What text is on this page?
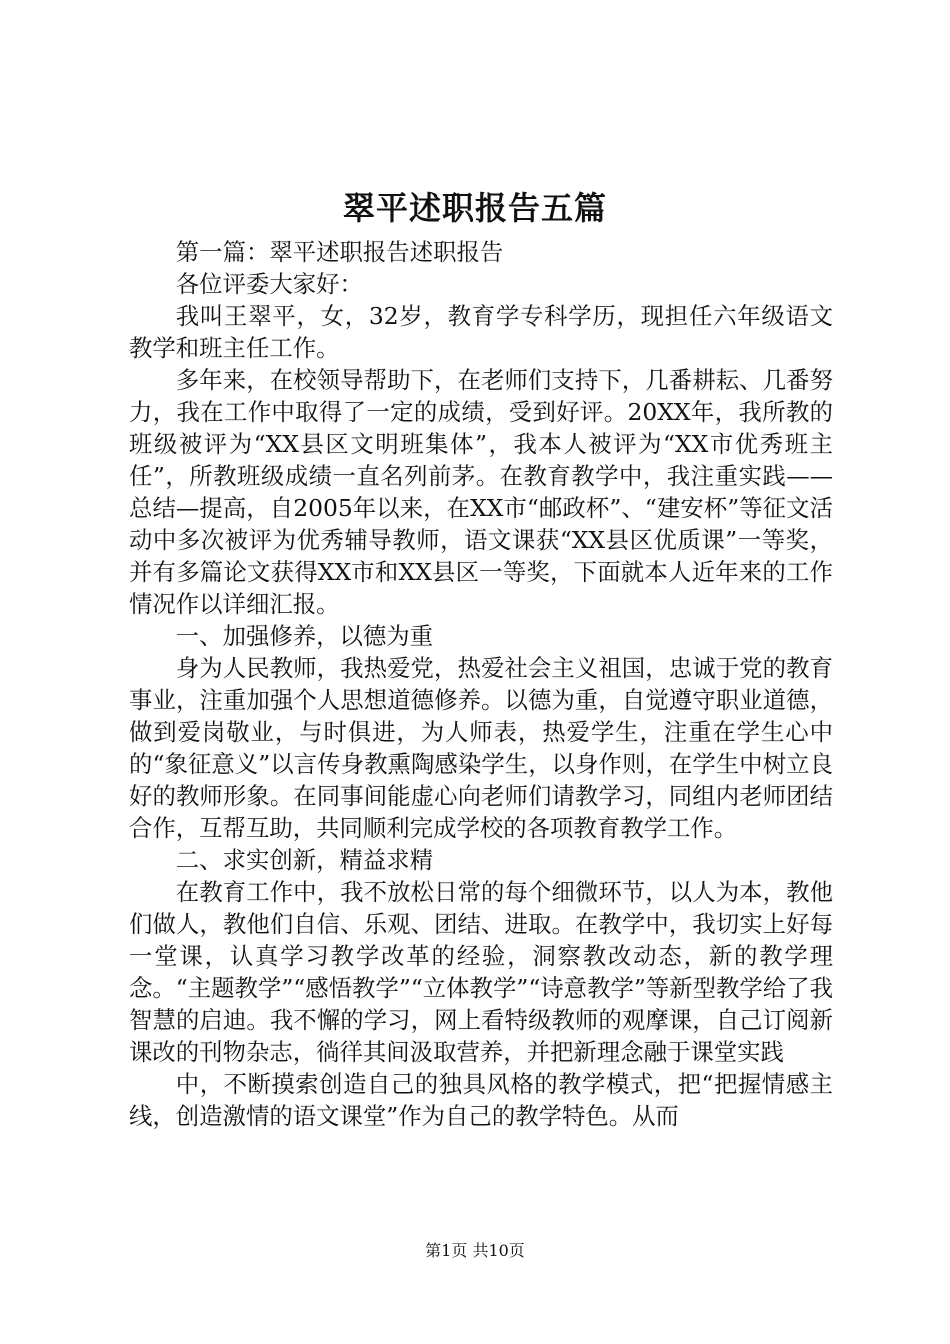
翠平述职报告五篇

第一篇：翠平述职报告述职报告

各位评委大家好：

我叫王翠平，女，32岁，教育学专科学历，现担任六年级语文教学和班主任工作。

多年来，在校领导帮助下，在老师们支持下，几番耕耘、几番努力，我在工作中取得了一定的成绩，受到好评。20XX年，我所教的班级被评为“XX县区文明班集体”，我本人被评为“XX市优秀班主任”，所教班级成绩一直名列前茅。在教育教学中，我注重实践——总结—提高，自2005年以来，在XX市“邮政杯”、“建安杯”等征文活动中多次被评为优秀辅导教师，语文课获“XX县区优质课”一等奖，并有多篇论文获得XX市和XX县区一等奖，下面就本人近年来的工作情况作以详细汇报。

一、加强修养，以德为重

身为人民教师，我热爱党，热爱社会主义祖国，忠诚于党的教育事业，注重加强个人思想道德修养。以德为重，自觉遵守职业道德，做到爱岗敬业，与时俱进，为人师表，热爱学生，注重在学生心中的“象征意义”以言传身教熏陶感染学生，以身作则，在学生中树立良好的教师形象。在同事间能虚心向老师们请教学习，同组内老师团结合作，互帮互助，共同顺利完成学校的各项教育教学工作。

二、求实创新，精益求精

在教育工作中，我不放松日常的每个细微环节，以人为本，教他们做人，教他们自信、乐观、团结、进取。在教学中，我切实上好每一堂课，认真学习教学改革的经验，洞察教改动态，新的教学理念。“主题教学”“感悟教学”“立体教学”“诗意教学”等新型教学给了我智慧的启迪。我不懈的学习，网上看特级教师的观摩课，自己订阅新课改的刊物杂志，徜徉其间汲取营养，并把新理念融于课堂实践

中，不断摸索创造自己的独具风格的教学模式，把“把握情感主线，创造激情的语文课堂”作为自己的教学特色。从而

第1页 共10页
